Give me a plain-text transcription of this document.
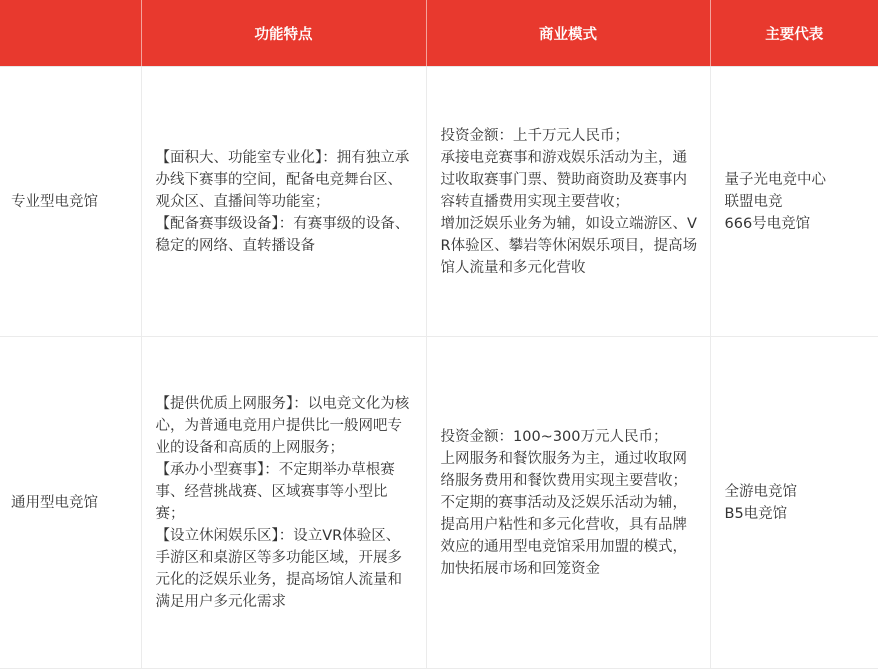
	功能特点	商业模式	主要代表
专业型电竞馆	【面积大、功能室专业化】：拥有独立承办线下赛事的空间，配备电竞舞台区、观众区、直播间等功能室；
【配备赛事级设备】：有赛事级的设备、稳定的网络、直转播设备	投资金额：上千万元人民币；
承接电竞赛事和游戏娱乐活动为主，通过收取赛事门票、赞助商资助及赛事内容转直播费用实现主要营收；
增加泛娱乐业务为辅，如设立端游区、VR体验区、攀岩等休闲娱乐项目，提高场馆人流量和多元化营收	量子光电竞中心
联盟电竞
666号电竞馆

通用型电竞馆	【提供优质上网服务】：以电竞文化为核心，为普通电竞用户提供比一般网吧专业的设备和高质的上网服务；
【承办小型赛事】：不定期举办草根赛事、经营挑战赛、区域赛事等小型比赛；
【设立休闲娱乐区】：设立VR体验区、手游区和桌游区等多功能区域，开展多元化的泛娱乐业务，提高场馆人流量和满足用户多元化需求	投资金额：100~300万元人民币；
上网服务和餐饮服务为主，通过收取网络服务费用和餐饮费用实现主要营收；
不定期的赛事活动及泛娱乐活动为辅，提高用户粘性和多元化营收，具有品牌效应的通用型电竞馆采用加盟的模式，加快拓展市场和回笼资金	全游电竞馆
B5电竞馆
